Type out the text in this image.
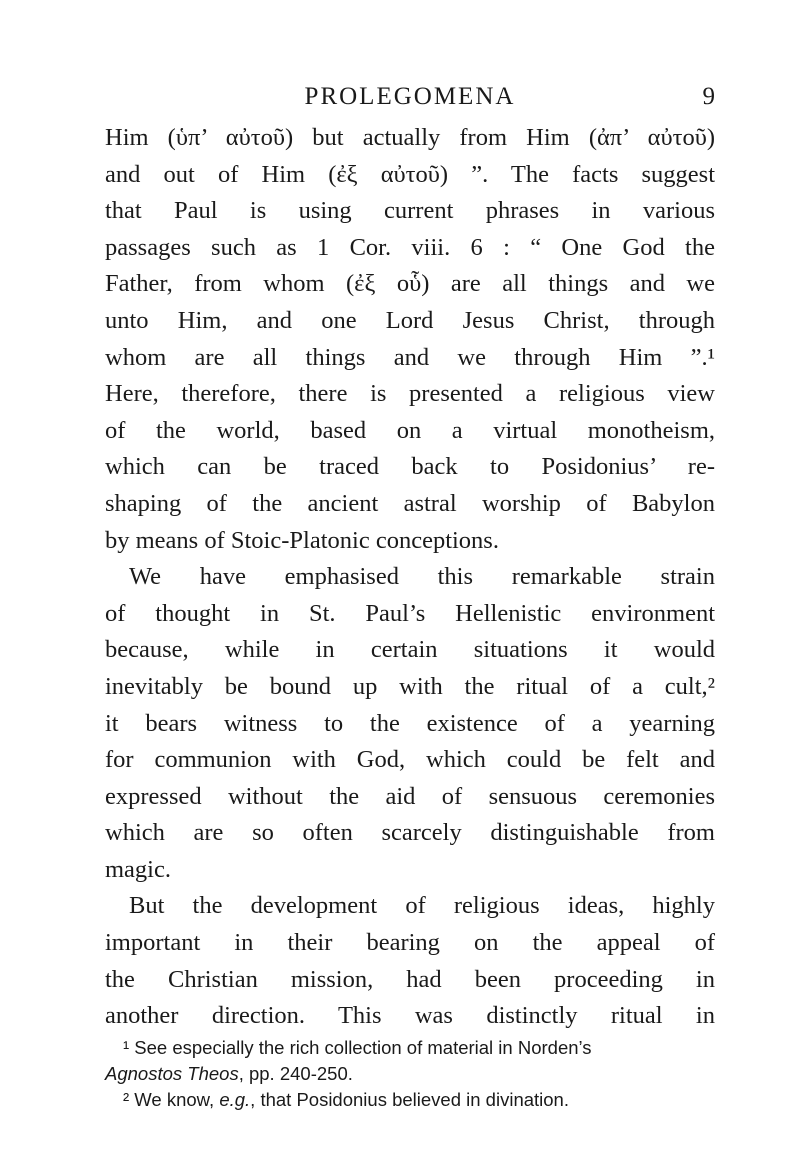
PROLEGOMENA	9
Him (ὑπ’ αὐτοῦ) but actually from Him (ἀπ’ αὐτοῦ)
and out of Him (ἐξ αὐτοῦ) ”. The facts suggest
that Paul is using current phrases in various
passages such as 1 Cor. viii. 6 : “ One God the
Father, from whom (ἐξ οὗ) are all things and we
unto Him, and one Lord Jesus Christ, through
whom are all things and we through Him ”.¹
Here, therefore, there is presented a religious view
of the world, based on a virtual monotheism,
which can be traced back to Posidonius’ re-
shaping of the ancient astral worship of Babylon
by means of Stoic-Platonic conceptions.
We have emphasised this remarkable strain
of thought in St. Paul’s Hellenistic environment
because, while in certain situations it would
inevitably be bound up with the ritual of a cult,²
it bears witness to the existence of a yearning
for communion with God, which could be felt and
expressed without the aid of sensuous ceremonies
which are so often scarcely distinguishable from
magic.
But the development of religious ideas, highly
important in their bearing on the appeal of
the Christian mission, had been proceeding in
another direction. This was distinctly ritual in
¹ See especially the rich collection of material in Norden’s
Agnostos Theos, pp. 240-250.
² We know, e.g., that Posidonius believed in divination.
